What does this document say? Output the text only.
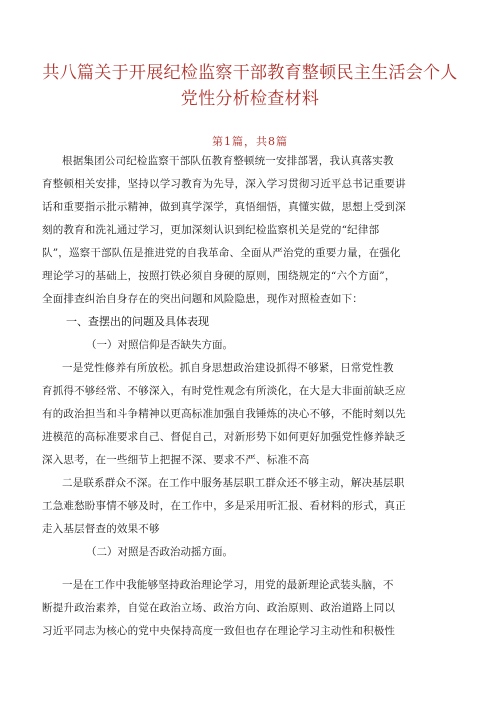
共八篇关于开展纪检监察干部教育整顿民主生活会个人
党性分析检查材料
第1篇，共8篇
根据集团公司纪检监察干部队伍教育整顿统一安排部署，我认真落实教
育整顿相关安排，坚持以学习教育为先导，深入学习贯彻习近平总书记重要讲
话和重要指示批示精神，做到真学深学，真悟细悟，真懂实做，思想上受到深
刻的教育和洗礼通过学习，更加深刻认识到纪检监察机关是党的“纪律部
队”，巡察干部队伍是推进党的自我革命、全面从严治党的重要力量，在强化
理论学习的基础上，按照打铁必须自身硬的原则，围绕规定的“六个方面”，
全面排查纠治自身存在的突出问题和风险隐患，现作对照检查如下：
一、查摆出的问题及具体表现
（一）对照信仰是否缺失方面。
一是党性修养有所放松。抓自身思想政治建设抓得不够紧，日常党性教
育抓得不够经常、不够深入，有时党性观念有所淡化，在大是大非面前缺乏应
有的政治担当和斗争精神以更高标准加强自我锤炼的决心不够，不能时刻以先
进模范的高标准要求自己、督促自己，对新形势下如何更好加强党性修养缺乏
深入思考，在一些细节上把握不深、要求不严、标准不高
二是联系群众不深。在工作中服务基层职工群众还不够主动，解决基层职
工急难愁盼事情不够及时，在工作中，多是采用听汇报、看材料的形式，真正
走入基层督查的效果不够
（二）对照是否政治动摇方面。
一是在工作中我能够坚持政治理论学习，用党的最新理论武装头脑，不
断提升政治素养，自觉在政治立场、政治方向、政治原则、政治道路上同以
习近平同志为核心的党中央保持高度一致但也存在理论学习主动性和积极性
